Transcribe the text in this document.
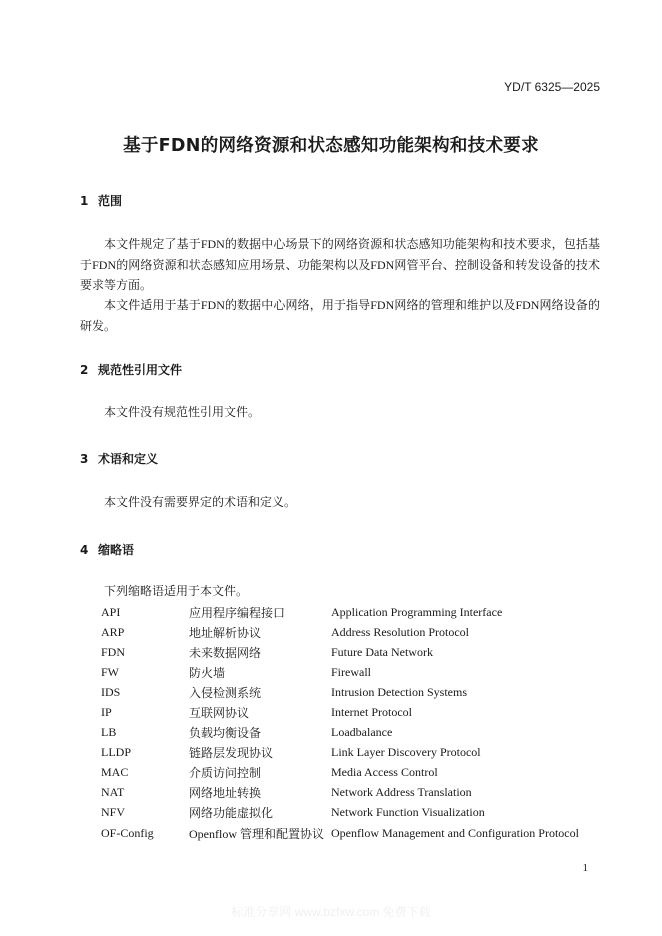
YD/T 6325—2025
基于FDN的网络资源和状态感知功能架构和技术要求
1 范围

本文件规定了基于FDN的数据中心场景下的网络资源和状态感知功能架构和技术要求，包括基于FDN的网络资源和状态感知应用场景、功能架构以及FDN网管平台、控制设备和转发设备的技术要求等方面。

本文件适用于基于FDN的数据中心网络，用于指导FDN网络的管理和维护以及FDN网络设备的研发。

2 规范性引用文件

本文件没有规范性引用文件。

3 术语和定义

本文件没有需要界定的术语和定义。

4 缩略语
下列缩略语适用于本文件。
API	应用程序编程接口	Application Programming Interface
ARP	地址解析协议	Address Resolution Protocol
FDN	未来数据网络	Future Data Network
FW	防火墙	Firewall
IDS	入侵检测系统	Intrusion Detection Systems
IP	互联网协议	Internet Protocol
LB	负载均衡设备	Loadbalance
LLDP	链路层发现协议	Link Layer Discovery Protocol
MAC	介质访问控制	Media Access Control
NAT	网络地址转换	Network Address Translation
NFV	网络功能虚拟化	Network Function Visualization
OF-Config	Openflow 管理和配置协议	Openflow Management and Configuration Protocol
1
标准分享网 www.bzfxw.com 免费下载
